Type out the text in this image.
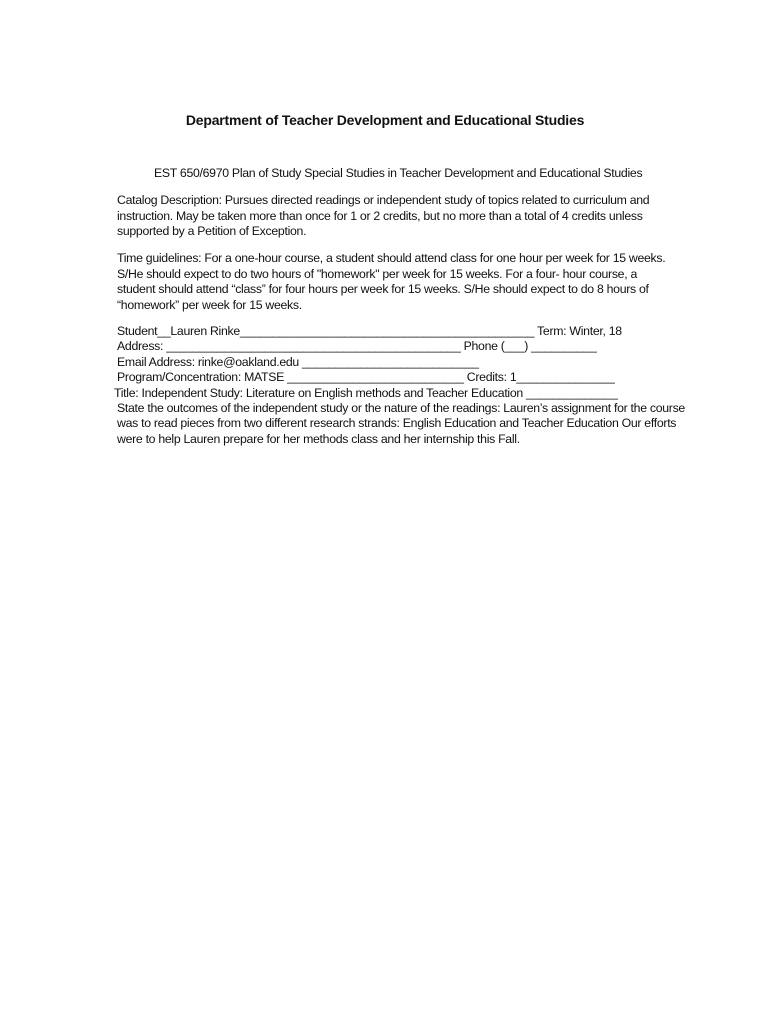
Department of Teacher Development and Educational Studies
EST 650/6970 Plan of Study Special Studies in Teacher Development and Educational Studies
Catalog Description: Pursues directed readings or independent study of topics related to curriculum and
instruction. May be taken more than once for 1 or 2 credits, but no more than a total of 4 credits unless
supported by a Petition of Exception.
Time guidelines: For a one-hour course, a student should attend class for one hour per week for 15 weeks.
S/He should expect to do two hours of "homework" per week for 15 weeks. For a four- hour course, a
student should attend “class” for four hours per week for 15 weeks. S/He should expect to do 8 hours of
“homework” per week for 15 weeks.
Student__Lauren Rinke_____________________________________________ Term: Winter, 18
Address: _____________________________________________ Phone (___) __________
Email Address: rinke@oakland.edu ___________________________
Program/Concentration: MATSE ___________________________ Credits: 1_______________
Title: Independent Study: Literature on English methods and Teacher Education ______________
State the outcomes of the independent study or the nature of the readings: Lauren’s assignment for the course
was to read pieces from two different research strands: English Education and Teacher Education Our efforts
were to help Lauren prepare for her methods class and her internship this Fall.
